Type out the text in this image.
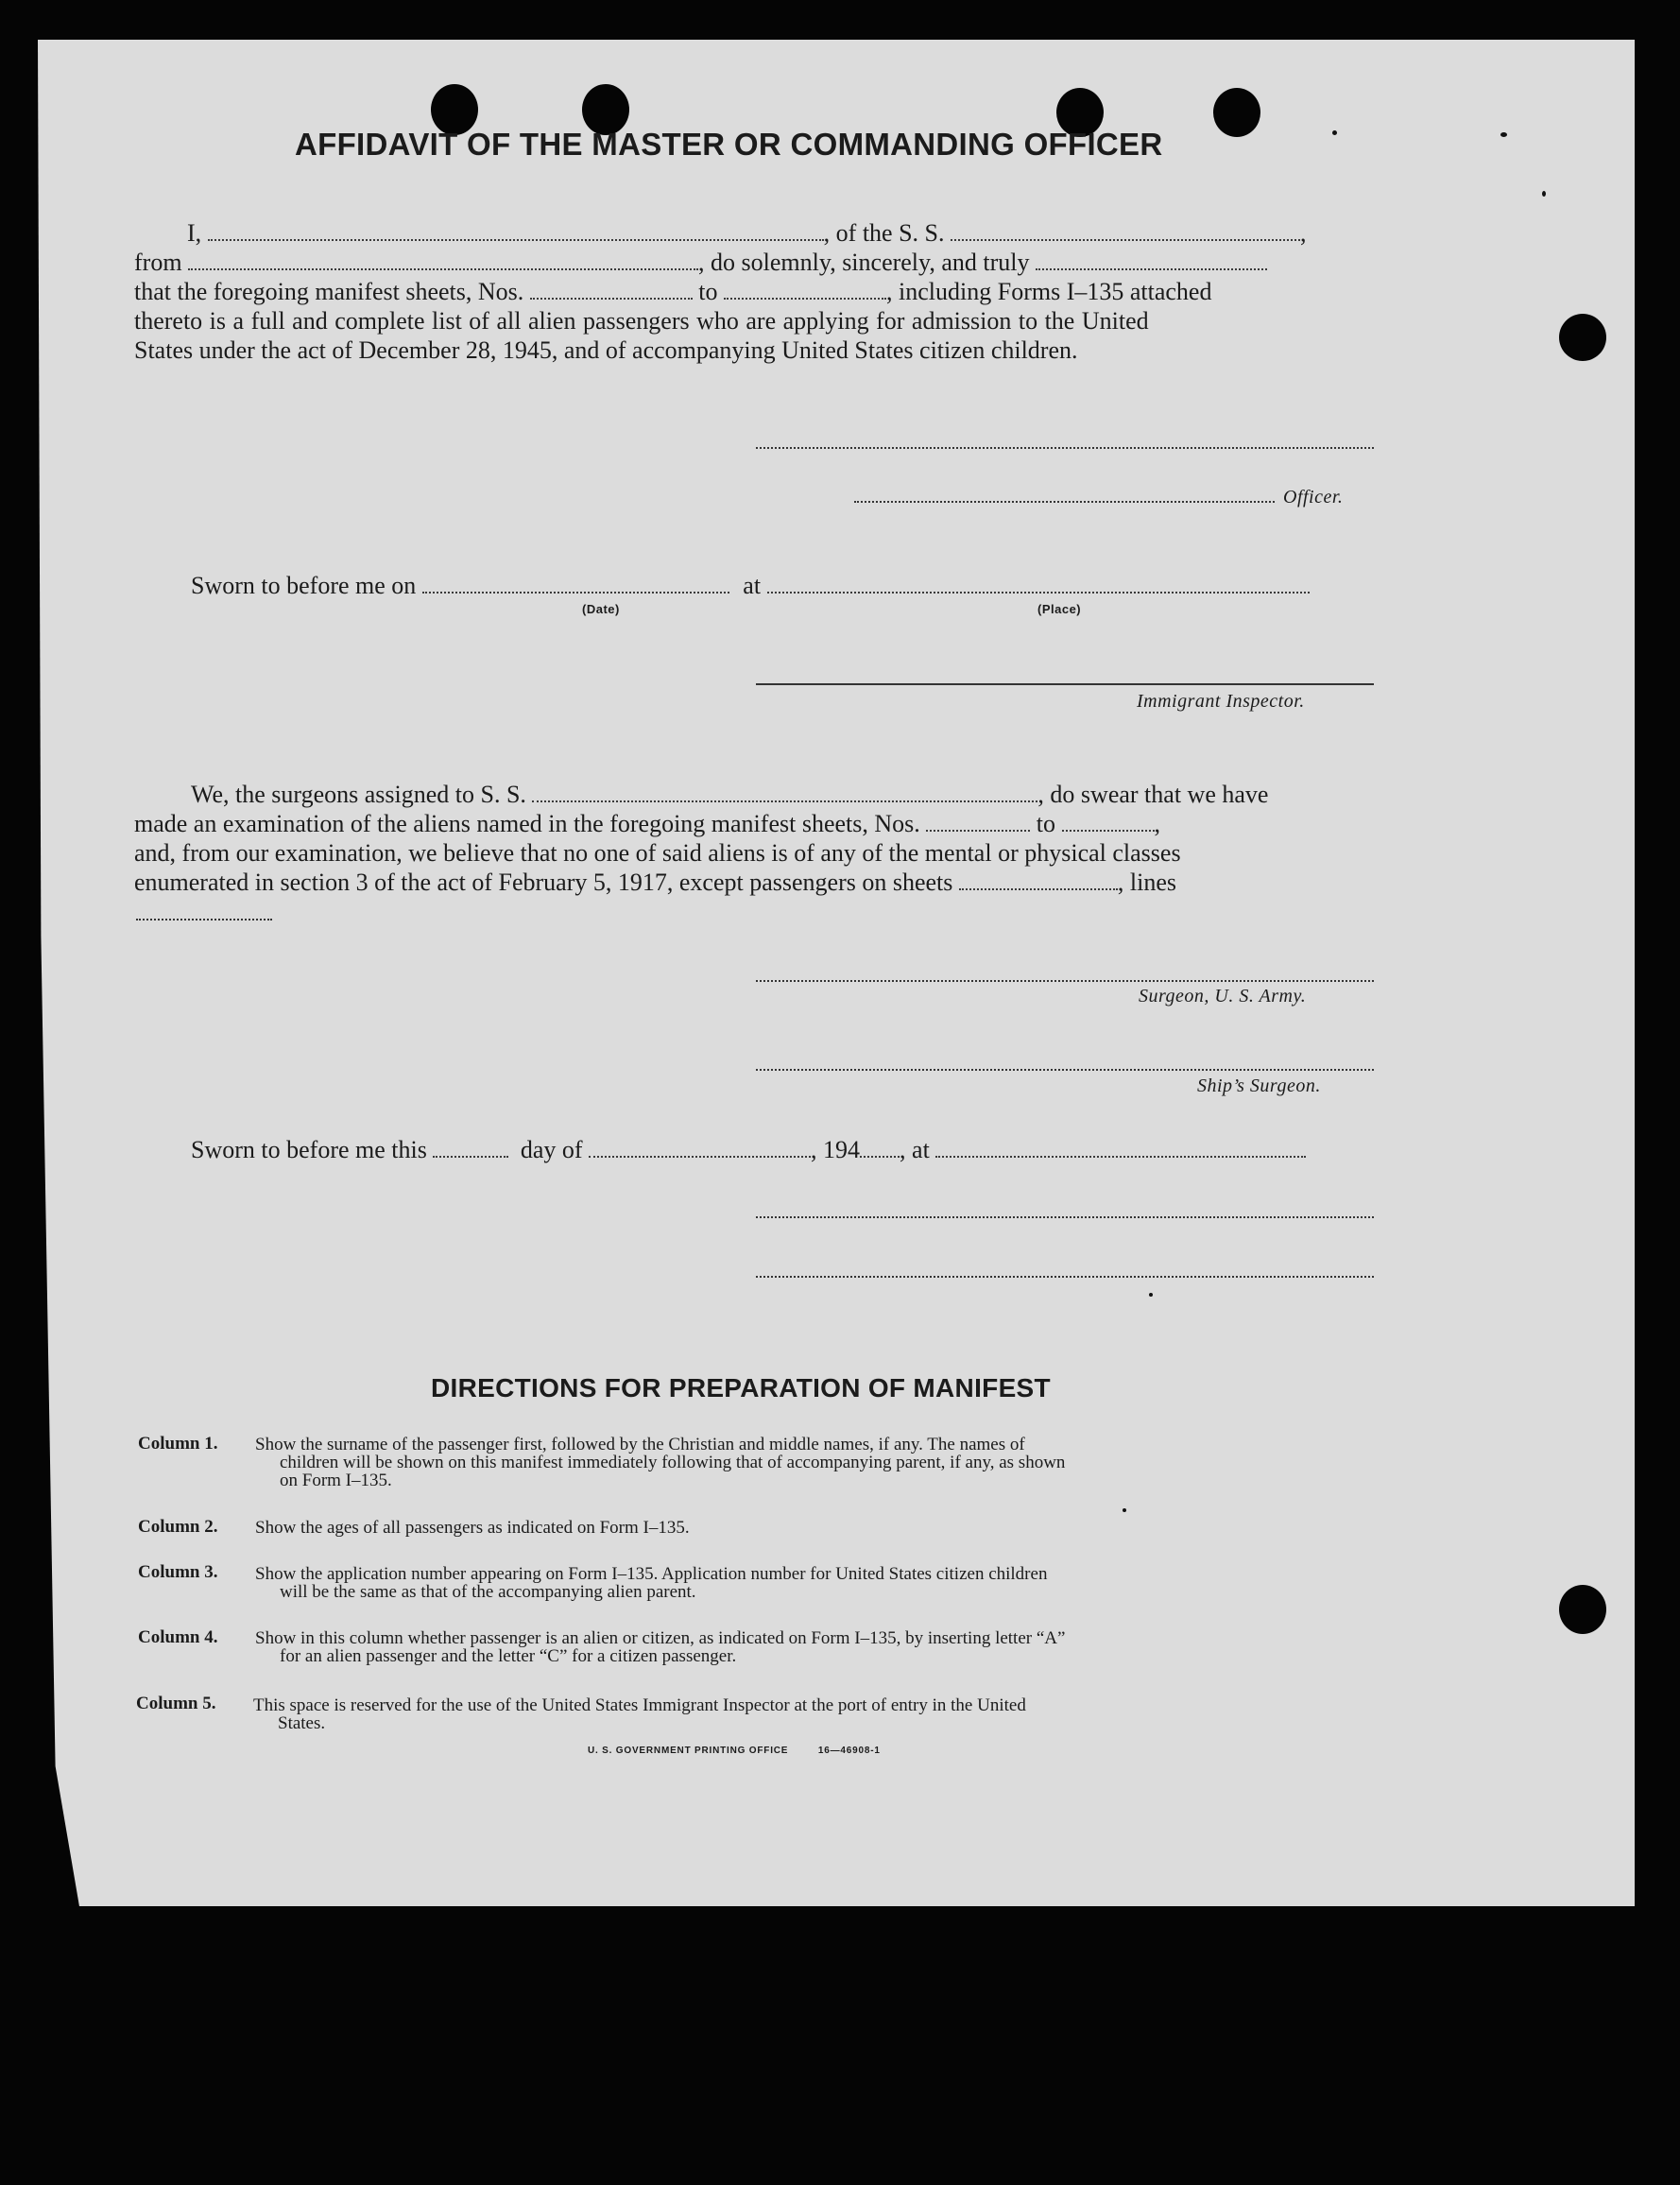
AFFIDAVIT OF THE MASTER OR COMMANDING OFFICER
I,	, of the S. S.	,
from	, do solemnly, sincerely, and truly
that the foregoing manifest sheets, Nos.	to	, including Forms I–135 attached
thereto is a full and complete list of all alien passengers who are applying for admission to the United
States under the act of December 28, 1945, and of accompanying United States citizen children.
Officer.
Sworn to before me on	at
(Date)	(Place)
Immigrant Inspector.
We, the surgeons assigned to S. S.	, do swear that we have
made an examination of the aliens named in the foregoing manifest sheets, Nos.	to	,
and, from our examination, we believe that no one of said aliens is of any of the mental or physical classes
enumerated in section 3 of the act of February 5, 1917, except passengers on sheets	, lines
Surgeon, U. S. Army.
Ship’s Surgeon.
Sworn to before me this	day of	, 194 , at
DIRECTIONS FOR PREPARATION OF MANIFEST
Column 1. Show the surname of the passenger first, followed by the Christian and middle names, if any. The names of
children will be shown on this manifest immediately following that of accompanying parent, if any, as shown
on Form I–135.
Column 2. Show the ages of all passengers as indicated on Form I–135.
Column 3. Show the application number appearing on Form I–135. Application number for United States citizen children
will be the same as that of the accompanying alien parent.
Column 4. Show in this column whether passenger is an alien or citizen, as indicated on Form I–135, by inserting letter “A”
for an alien passenger and the letter “C” for a citizen passenger.
Column 5. This space is reserved for the use of the United States Immigrant Inspector at the port of entry in the United
States.
U. S. GOVERNMENT PRINTING OFFICE	16—46908-1
